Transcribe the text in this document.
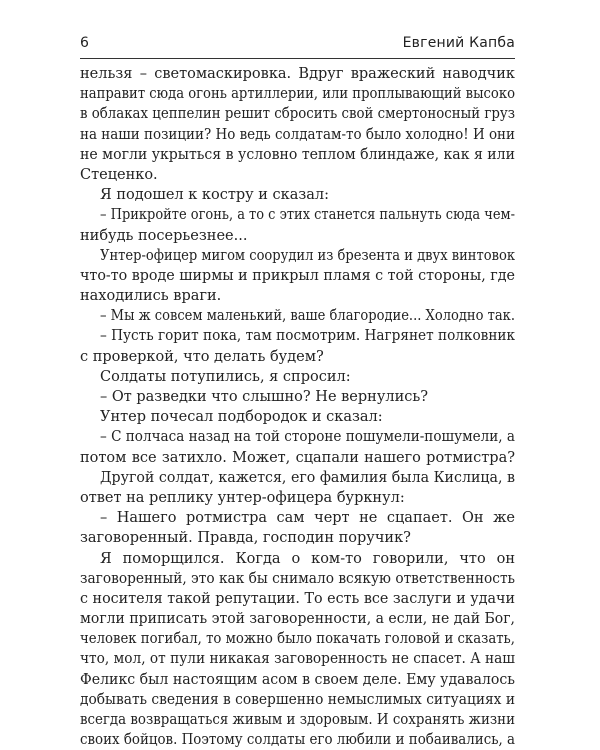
6	Евгений Капба
нельзя – светомаскировка. Вдруг вражеский наводчик
направит сюда огонь артиллерии, или проплывающий высоко
в облаках цеппелин решит сбросить свой смертоносный груз
на наши позиции? Но ведь солдатам-то было холодно! И они
не могли укрыться в условно теплом блиндаже, как я или
Стеценко.
Я подошел к костру и сказал:
– Прикройте огонь, а то с этих станется пальнуть сюда чем-
нибудь посерьезнее...
Унтер-офицер мигом соорудил из брезента и двух винтовок
что-то вроде ширмы и прикрыл пламя с той стороны, где
находились враги.
– Мы ж совсем маленький, ваше благородие... Холодно так.
– Пусть горит пока, там посмотрим. Нагрянет полковник
с проверкой, что делать будем?
Солдаты потупились, я спросил:
– От разведки что слышно? Не вернулись?
Унтер почесал подбородок и сказал:
– С полчаса назад на той стороне пошумели-пошумели, а
потом все затихло. Может, сцапали нашего ротмистра?
Другой солдат, кажется, его фамилия была Кислица, в
ответ на реплику унтер-офицера буркнул:
– Нашего ротмистра сам черт не сцапает. Он же
заговоренный. Правда, господин поручик?
Я поморщился. Когда о ком-то говорили, что он
заговоренный, это как бы снимало всякую ответственность
с носителя такой репутации. То есть все заслуги и удачи
могли приписать этой заговоренности, а если, не дай Бог,
человек погибал, то можно было покачать головой и сказать,
что, мол, от пули никакая заговоренность не спасет. А наш
Феликс был настоящим асом в своем деле. Ему удавалось
добывать сведения в совершенно немыслимых ситуациях и
всегда возвращаться живым и здоровым. И сохранять жизни
своих бойцов. Поэтому солдаты его любили и побаивались, а
